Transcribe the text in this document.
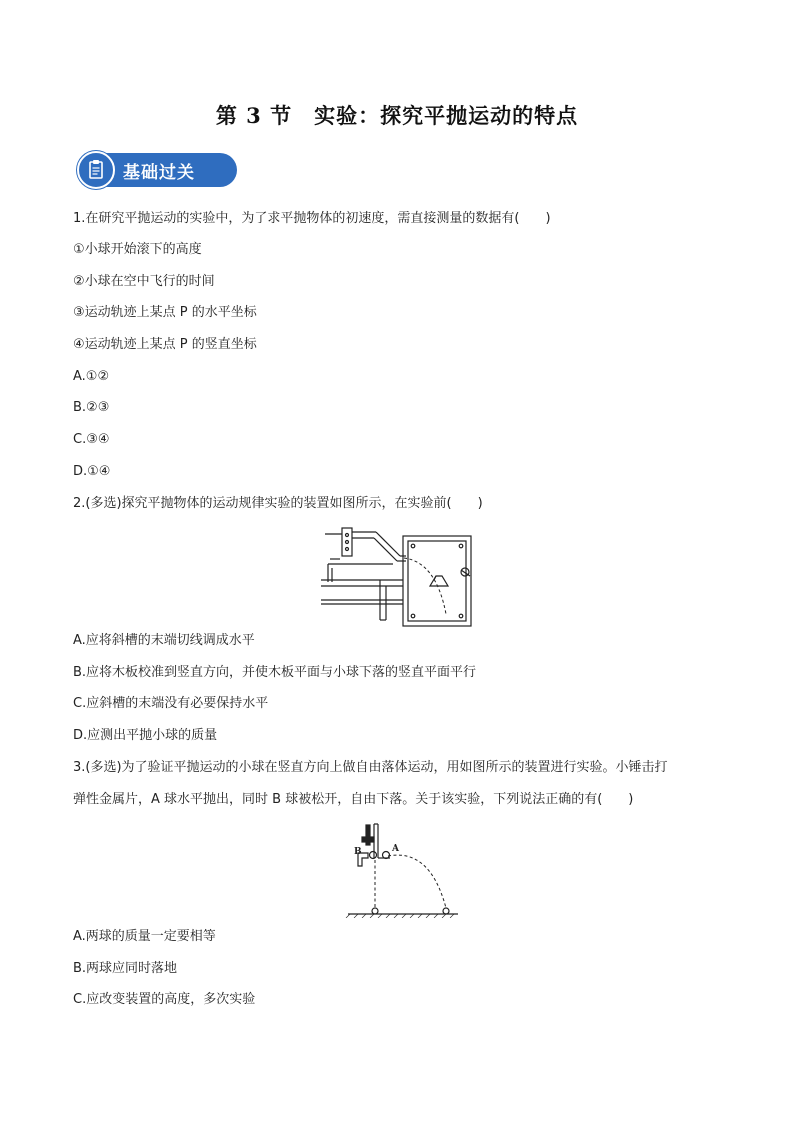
第 3 节　实验：探究平抛运动的特点
基础过关
1.在研究平抛运动的实验中，为了求平抛物体的初速度，需直接测量的数据有(　　)
①小球开始滚下的高度
②小球在空中飞行的时间
③运动轨迹上某点 P 的水平坐标
④运动轨迹上某点 P 的竖直坐标
A.①②
B.②③
C.③④
D.①④
2.(多选)探究平抛物体的运动规律实验的装置如图所示，在实验前(　　)
A.应将斜槽的末端切线调成水平
B.应将木板校准到竖直方向，并使木板平面与小球下落的竖直平面平行
C.应斜槽的末端没有必要保持水平
D.应测出平抛小球的质量
3.(多选)为了验证平抛运动的小球在竖直方向上做自由落体运动，用如图所示的装置进行实验。小锤击打
弹性金属片，A 球水平抛出，同时 B 球被松开，自由下落。关于该实验，下列说法正确的有(　　)
B	A
A.两球的质量一定要相等
B.两球应同时落地
C.应改变装置的高度，多次实验
